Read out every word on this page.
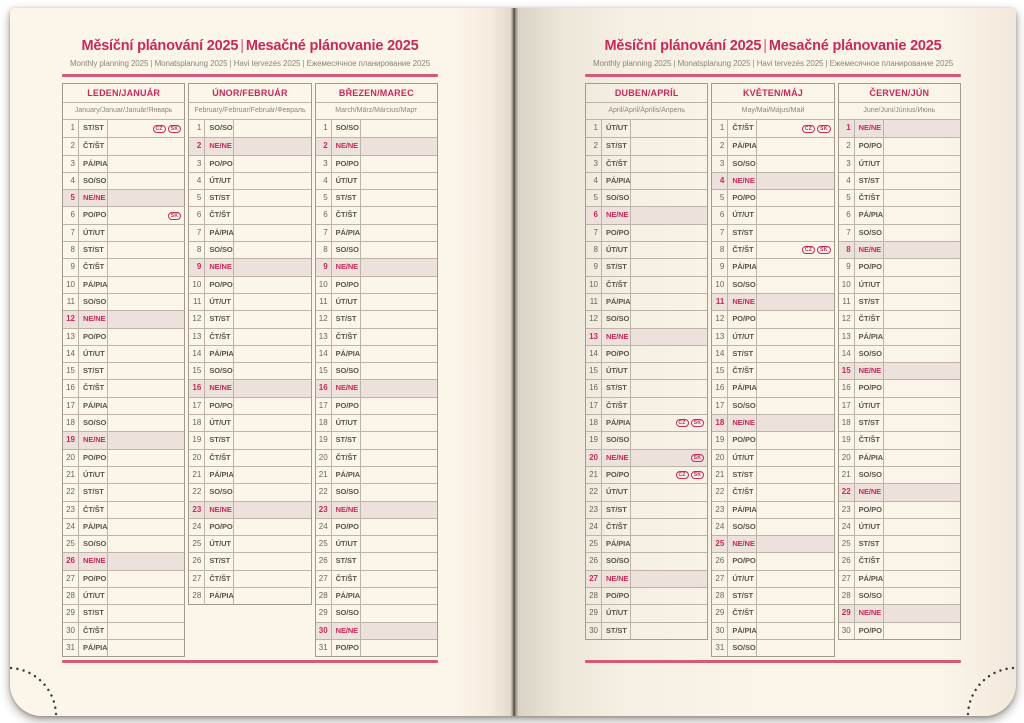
Měsíční plánování 2025 | Mesačné plánovanie 2025

Monthly planning 2025 | Monatsplanung 2025 | Havi tervezés 2025 | Ежемесячное планирование 2025

LEDEN/JANUÁR
January/Januar/Január/Январь
1	ST/ST	CZ	SK
2	ČT/ŠT
3	PÁ/PIA
4	SO/SO
5	NE/NE
6	PO/PO	SK
7	ÚT/UT
8	ST/ST
9	ČT/ŠT
10	PÁ/PIA
11	SO/SO
12	NE/NE
13	PO/PO
14	ÚT/UT
15	ST/ST
16	ČT/ŠT
17	PÁ/PIA
18	SO/SO
19	NE/NE
20	PO/PO
21	ÚT/UT
22	ST/ST
23	ČT/ŠT
24	PÁ/PIA
25	SO/SO
26	NE/NE
27	PO/PO
28	ÚT/UT
29	ST/ST
30	ČT/ŠT
31	PÁ/PIA
ÚNOR/FEBRUÁR
February/Februar/Február/Февраль
1	SO/SO
2	NE/NE
3	PO/PO
4	ÚT/UT
5	ST/ST
6	ČT/ŠT
7	PÁ/PIA
8	SO/SO
9	NE/NE
10	PO/PO
11	ÚT/UT
12	ST/ST
13	ČT/ŠT
14	PÁ/PIA
15	SO/SO
16	NE/NE
17	PO/PO
18	ÚT/UT
19	ST/ST
20	ČT/ŠT
21	PÁ/PIA
22	SO/SO
23	NE/NE
24	PO/PO
25	ÚT/UT
26	ST/ST
27	ČT/ŠT
28	PÁ/PIA
BŘEZEN/MAREC
March/März/Március/Март
1	SO/SO
2	NE/NE
3	PO/PO
4	ÚT/UT
5	ST/ST
6	ČT/ŠT
7	PÁ/PIA
8	SO/SO
9	NE/NE
10	PO/PO
11	ÚT/UT
12	ST/ST
13	ČT/ŠT
14	PÁ/PIA
15	SO/SO
16	NE/NE
17	PO/PO
18	ÚT/UT
19	ST/ST
20	ČT/ŠT
21	PÁ/PIA
22	SO/SO
23	NE/NE
24	PO/PO
25	ÚT/UT
26	ST/ST
27	ČT/ŠT
28	PÁ/PIA
29	SO/SO
30	NE/NE
31	PO/PO
Měsíční plánování 2025 | Mesačné plánovanie 2025

Monthly planning 2025 | Monatsplanung 2025 | Havi tervezés 2025 | Ежемесячное планирование 2025

DUBEN/APRÍL
April/April/Április/Апрель
1	ÚT/UT
2	ST/ST
3	ČT/ŠT
4	PÁ/PIA
5	SO/SO
6	NE/NE
7	PO/PO
8	ÚT/UT
9	ST/ST
10	ČT/ŠT
11	PÁ/PIA
12	SO/SO
13	NE/NE
14	PO/PO
15	ÚT/UT
16	ST/ST
17	ČT/ŠT
18	PÁ/PIA	CZ	SK
19	SO/SO
20	NE/NE	SK
21	PO/PO	CZ	SK
22	ÚT/UT
23	ST/ST
24	ČT/ŠT
25	PÁ/PIA
26	SO/SO
27	NE/NE
28	PO/PO
29	ÚT/UT
30	ST/ST
KVĚTEN/MÁJ
May/Mai/Május/Май
1	ČT/ŠT	CZ	SK
2	PÁ/PIA
3	SO/SO
4	NE/NE
5	PO/PO
6	ÚT/UT
7	ST/ST
8	ČT/ŠT	CZ	SK
9	PÁ/PIA
10	SO/SO
11	NE/NE
12	PO/PO
13	ÚT/UT
14	ST/ST
15	ČT/ŠT
16	PÁ/PIA
17	SO/SO
18	NE/NE
19	PO/PO
20	ÚT/UT
21	ST/ST
22	ČT/ŠT
23	PÁ/PIA
24	SO/SO
25	NE/NE
26	PO/PO
27	ÚT/UT
28	ST/ST
29	ČT/ŠT
30	PÁ/PIA
31	SO/SO
ČERVEN/JÚN
June/Juni/Június/Июнь
1	NE/NE
2	PO/PO
3	ÚT/UT
4	ST/ST
5	ČT/ŠT
6	PÁ/PIA
7	SO/SO
8	NE/NE
9	PO/PO
10	ÚT/UT
11	ST/ST
12	ČT/ŠT
13	PÁ/PIA
14	SO/SO
15	NE/NE
16	PO/PO
17	ÚT/UT
18	ST/ST
19	ČT/ŠT
20	PÁ/PIA
21	SO/SO
22	NE/NE
23	PO/PO
24	ÚT/UT
25	ST/ST
26	ČT/ŠT
27	PÁ/PIA
28	SO/SO
29	NE/NE
30	PO/PO
